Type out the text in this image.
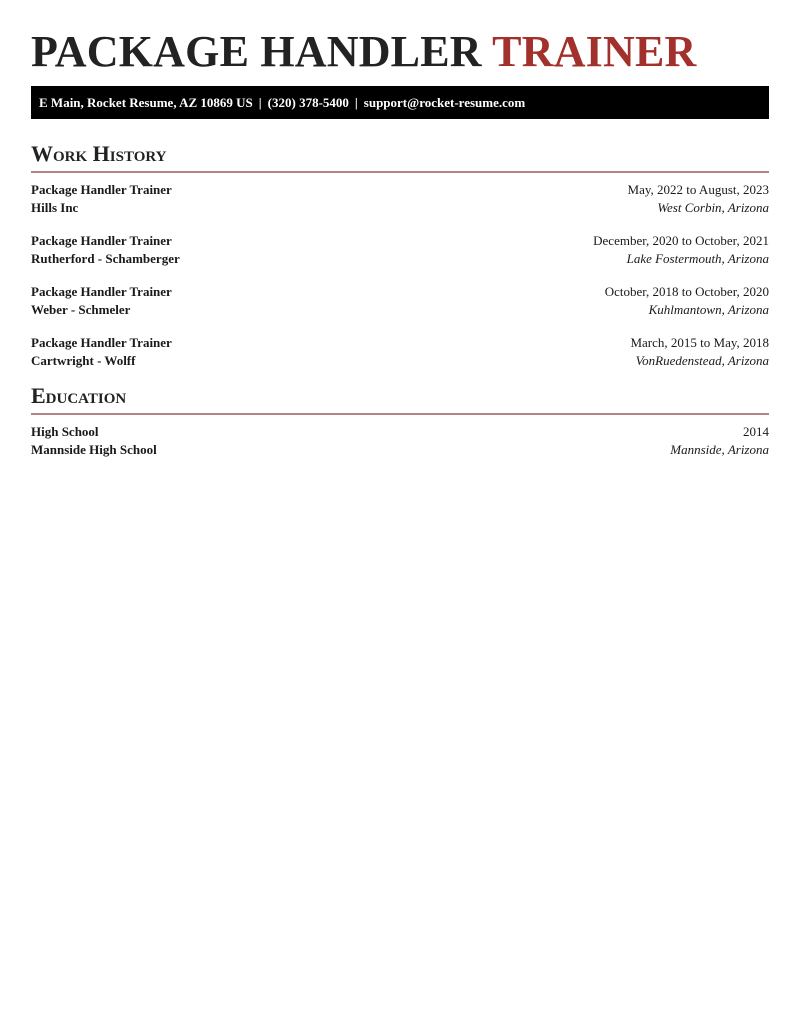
PACKAGE HANDLER TRAINER
E Main, Rocket Resume, AZ 10869 US | (320) 378-5400 | support@rocket-resume.com
Work History
Package Handler Trainer	May, 2022 to August, 2023
Hills Inc	West Corbin, Arizona
Package Handler Trainer	December, 2020 to October, 2021
Rutherford - Schamberger	Lake Fostermouth, Arizona
Package Handler Trainer	October, 2018 to October, 2020
Weber - Schmeler	Kuhlmantown, Arizona
Package Handler Trainer	March, 2015 to May, 2018
Cartwright - Wolff	VonRuedenstead, Arizona
Education
High School	2014
Mannside High School	Mannside, Arizona
